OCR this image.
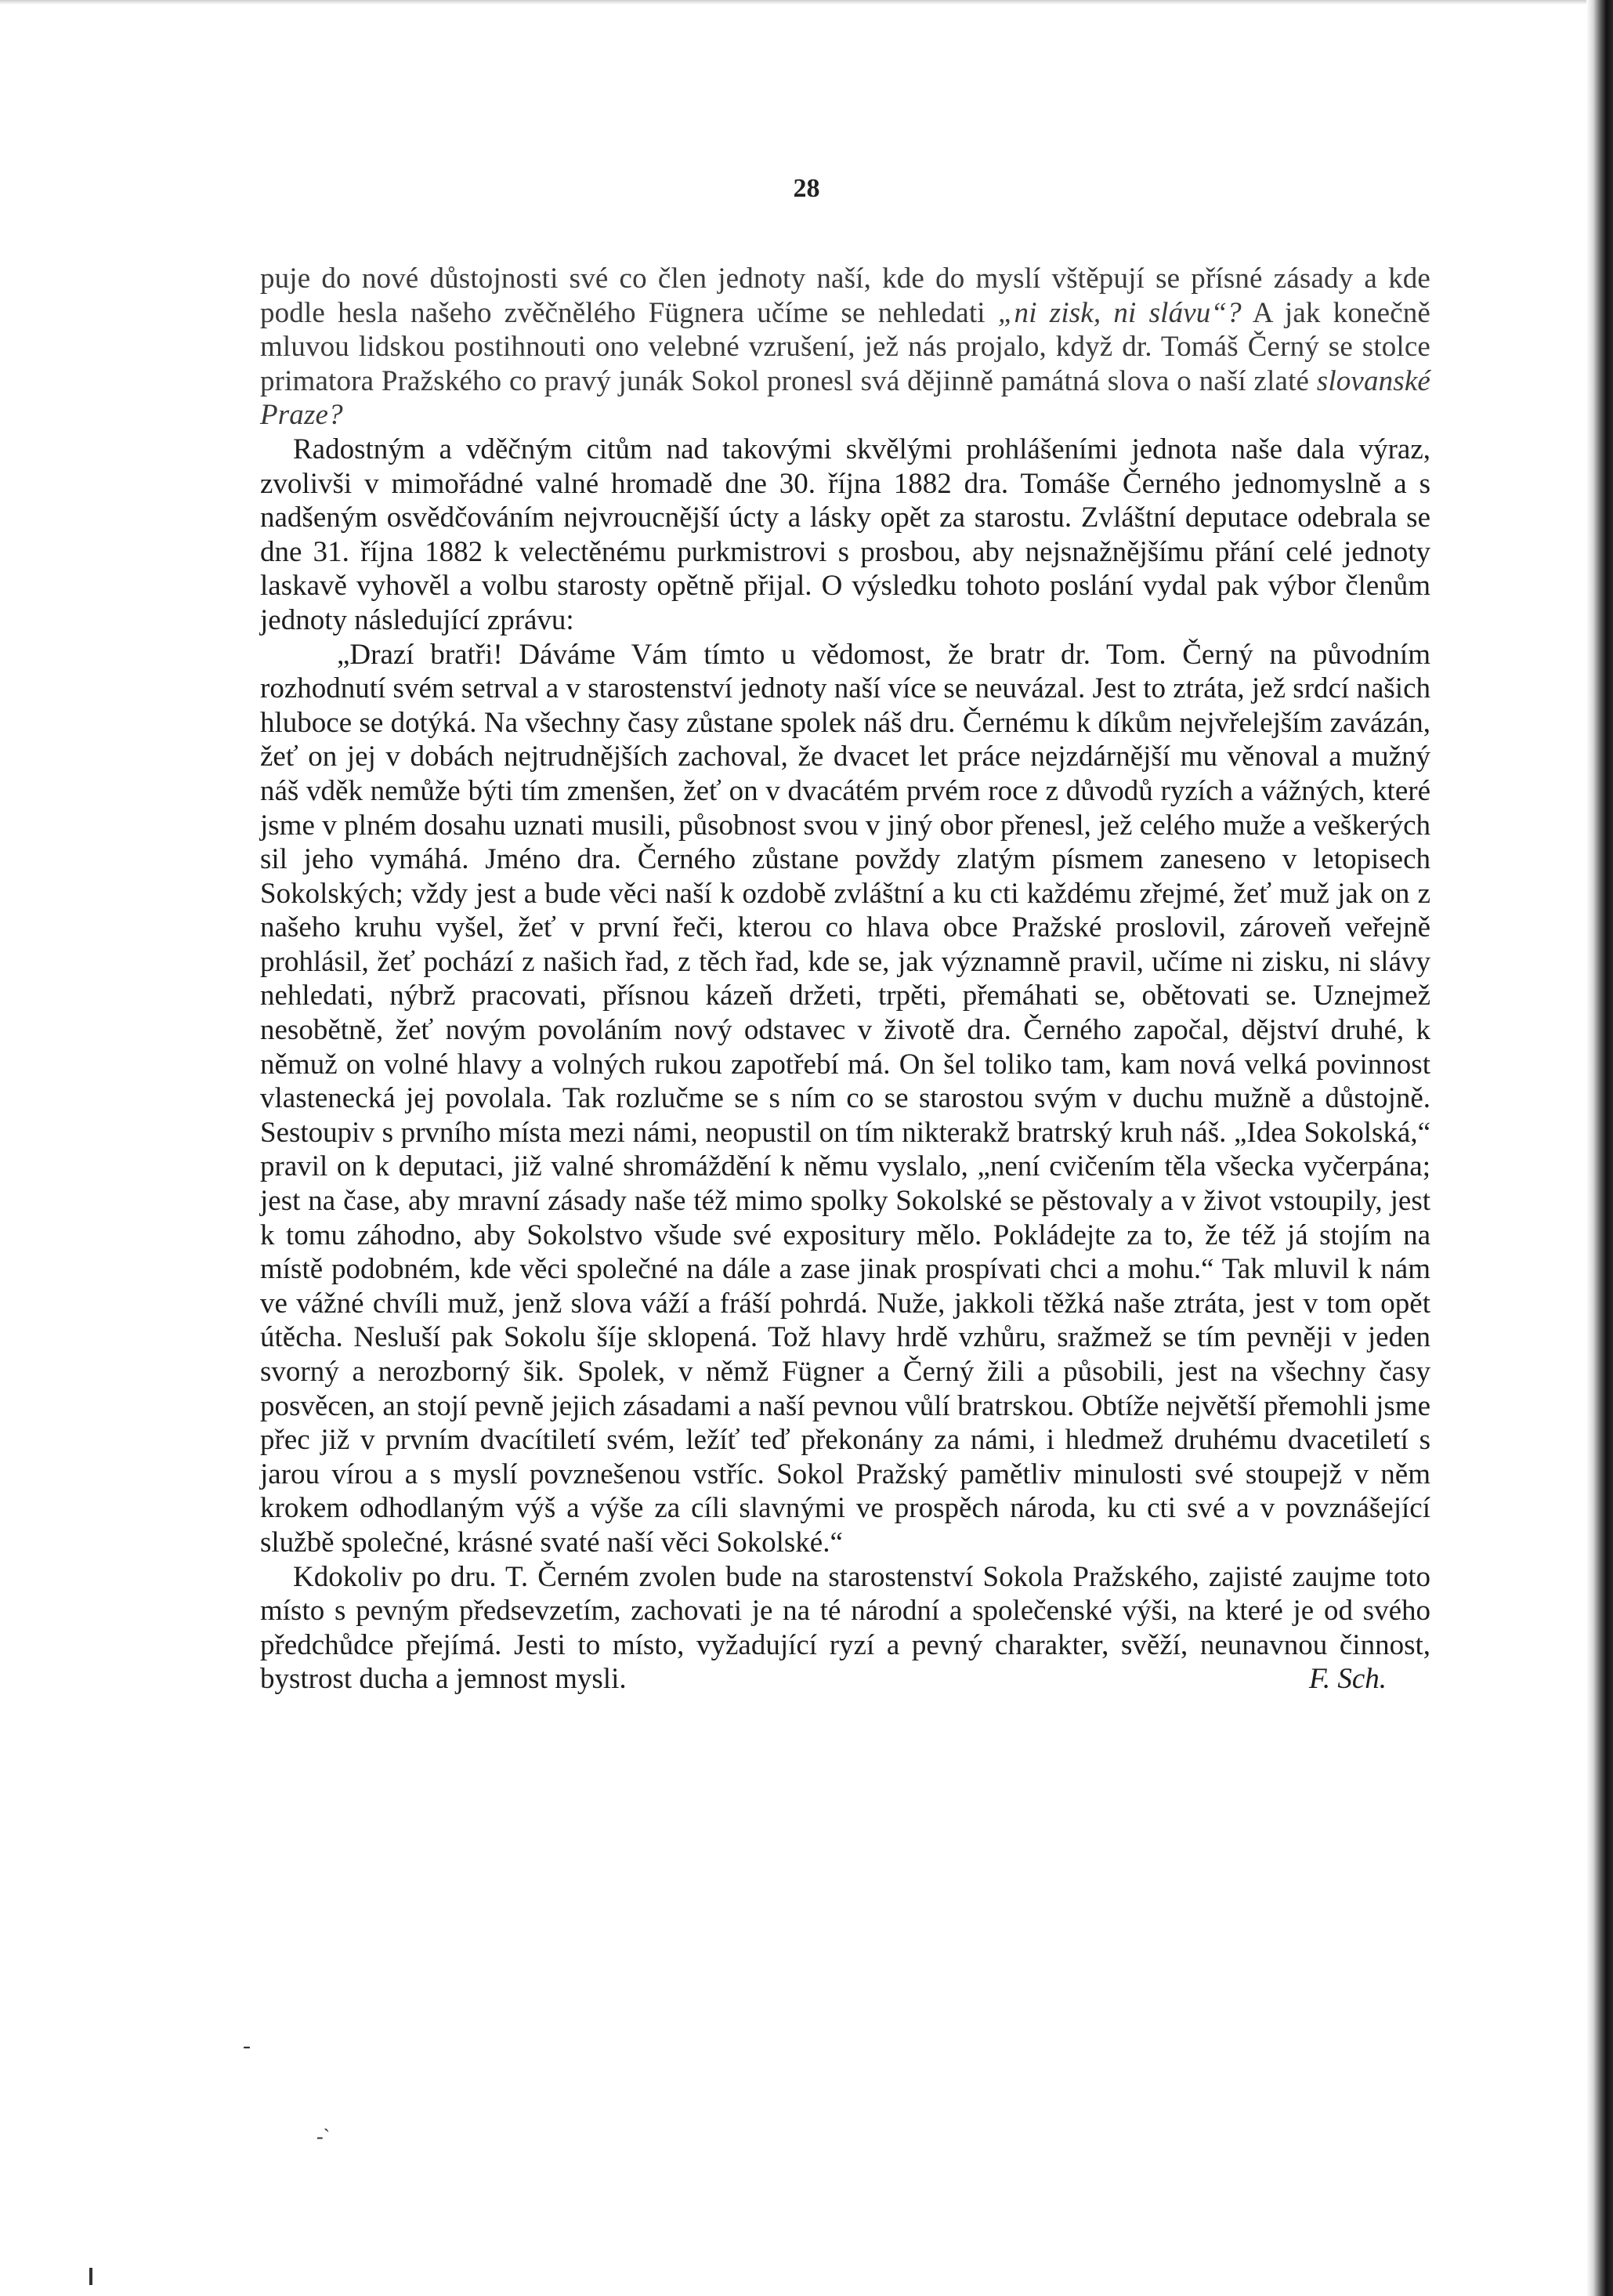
28

puje do nové důstojnosti své co člen jednoty naší, kde do myslí vštěpují se přísné zásady a kde podle hesla našeho zvěčnělého Fügnera učíme se nehledati „ni zisk, ni slávu“? A jak konečně mluvou lidskou postihnouti ono velebné vzrušení, jež nás projalo, když dr. Tomáš Černý se stolce primatora Pražského co pravý junák Sokol pronesl svá dějinně památná slova o naší zlaté slovanské Praze?

Radostným a vděčným citům nad takovými skvělými prohlášeními jednota naše dala výraz, zvolivši v mimořádné valné hromadě dne 30. října 1882 dra. Tomáše Černého jednomyslně a s nadšeným osvědčováním nejvroucnější úcty a lásky opět za starostu. Zvláštní deputace odebrala se dne 31. října 1882 k velectěnému purkmistrovi s prosbou, aby nejsnažnějšímu přání celé jednoty laskavě vyhověl a volbu starosty opětně přijal. O výsledku tohoto poslání vydal pak výbor členům jednoty následující zprávu:

„Drazí bratři! Dáváme Vám tímto u vědomost, že bratr dr. Tom. Černý na původním rozhodnutí svém setrval a v starostenství jednoty naší více se neuvázal. Jest to ztráta, jež srdcí našich hluboce se dotýká. Na všechny časy zůstane spolek náš dru. Černému k díkům nejvřelejším zavázán, žeť on jej v dobách nejtrudnějších zachoval, že dvacet let práce nejzdárnější mu věnoval a mužný náš vděk nemůže býti tím zmenšen, žeť on v dvacátém prvém roce z důvodů ryzích a vážných, které jsme v plném dosahu uznati musili, působnost svou v jiný obor přenesl, jež celého muže a veškerých sil jeho vymáhá. Jméno dra. Černého zůstane povždy zlatým písmem zaneseno v letopisech Sokolských; vždy jest a bude věci naší k ozdobě zvláštní a ku cti každému zřejmé, žeť muž jak on z našeho kruhu vyšel, žeť v první řeči, kterou co hlava obce Pražské proslovil, zároveň veřejně prohlásil, žeť pochází z našich řad, z těch řad, kde se, jak významně pravil, učíme ni zisku, ni slávy nehledati, nýbrž pracovati, přísnou kázeň držeti, trpěti, přemáhati se, obětovati se. Uznejmež nesobětně, žeť novým povoláním nový odstavec v životě dra. Černého započal, dějství druhé, k němuž on volné hlavy a volných rukou zapotřebí má. On šel toliko tam, kam nová velká povinnost vlastenecká jej povolala. Tak rozlučme se s ním co se starostou svým v duchu mužně a důstojně. Sestoupiv s prvního místa mezi námi, neopustil on tím nikterakž bratrský kruh náš. „Idea Sokolská,“ pravil on k deputaci, již valné shromáždění k němu vyslalo, „není cvičením těla všecka vyčerpána; jest na čase, aby mravní zásady naše též mimo spolky Sokolské se pěstovaly a v život vstoupily, jest k tomu záhodno, aby Sokolstvo všude své expositury mělo. Pokládejte za to, že též já stojím na místě podobném, kde věci společné na dále a zase jinak prospívati chci a mohu.“ Tak mluvil k nám ve vážné chvíli muž, jenž slova váží a fráší pohrdá. Nuže, jakkoli těžká naše ztráta, jest v tom opět útěcha. Nesluší pak Sokolu šíje sklopená. Tož hlavy hrdě vzhůru, sražmež se tím pevněji v jeden svorný a nerozborný šik. Spolek, v němž Fügner a Černý žili a působili, jest na všechny časy posvěcen, an stojí pevně jejich zásadami a naší pevnou vůlí bratrskou. Obtíže největší přemohli jsme přec již v prvním dvacítiletí svém, ležíť teď překonány za námi, i hledmež druhému dvacetiletí s jarou vírou a s myslí povznešenou vstříc. Sokol Pražský pamětliv minulosti své stoupejž v něm krokem odhodlaným výš a výše za cíli slavnými ve prospěch národa, ku cti své a v povznášející službě společné, krásné svaté naší věci Sokolské.“

Kdokoliv po dru. T. Černém zvolen bude na starostenství Sokola Pražského, zajisté zaujme toto místo s pevným předsevzetím, zachovati je na té národní a společenské výši, na které je od svého předchůdce přejímá. Jesti to místo, vyžadující ryzí a pevný charakter, svěží, neunavnou činnost, bystrost ducha a jemnost mysli.	F. Sch.

-
-`
